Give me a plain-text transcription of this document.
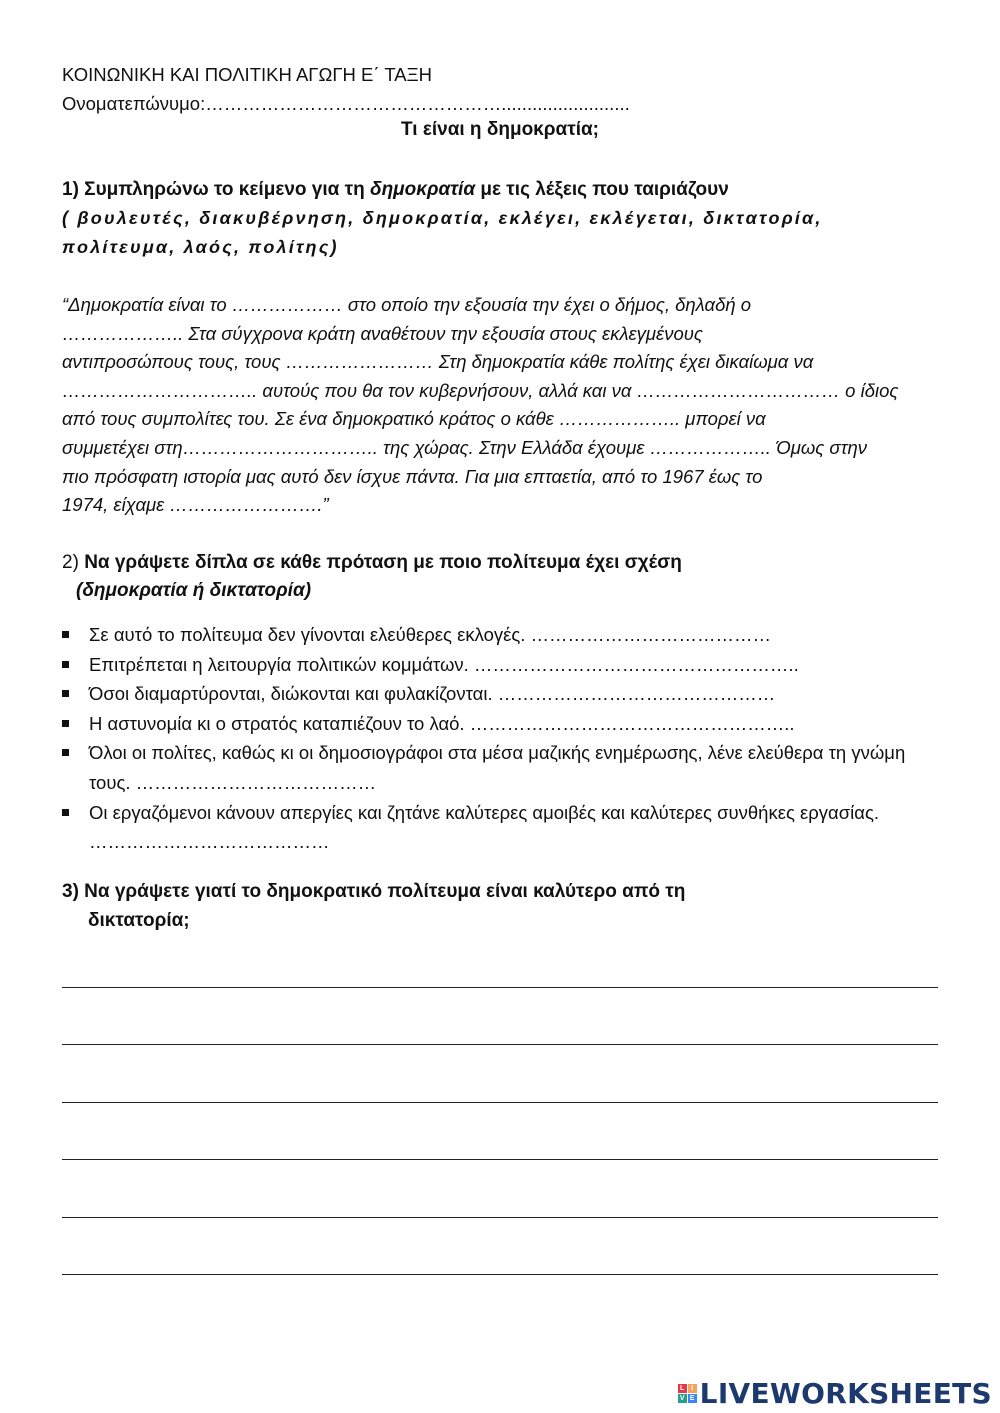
ΚΟΙΝΩΝΙΚΗ ΚΑΙ ΠΟΛΙΤΙΚΗ ΑΓΩΓΗ Ε΄ ΤΑΞΗ
Ονοματεπώνυμο:………………………………………….........................
Τι είναι η δημοκρατία;
1) Συμπληρώνω το κείμενο για τη δημοκρατία με τις λέξεις που ταιριάζουν
( βουλευτές, διακυβέρνηση, δημοκρατία, εκλέγει, εκλέγεται, δικτατορία,
πολίτευμα, λαός, πολίτης)
“Δημοκρατία είναι το ……………… στο οποίο την εξουσία την έχει ο δήμος, δηλαδή ο
……………….. Στα σύγχρονα κράτη αναθέτουν την εξουσία στους εκλεγμένους
αντιπροσώπους τους, τους …………………… Στη δημοκρατία κάθε πολίτης έχει δικαίωμα να
………………………….. αυτούς που θα τον κυβερνήσουν, αλλά και να …………………………… ο ίδιος
από τους συμπολίτες του. Σε ένα δημοκρατικό κράτος ο κάθε ……………….. μπορεί να
συμμετέχει στη………………………….. της χώρας. Στην Ελλάδα έχουμε ……………….. Όμως στην
πιο πρόσφατη ιστορία μας αυτό δεν ίσχυε πάντα. Για μια επταετία, από το 1967 έως το
1974, είχαμε …………………….”
2) Να γράψετε δίπλα σε κάθε πρόταση με ποιο πολίτευμα έχει σχέση
(δημοκρατία ή δικτατορία)
Σε αυτό το πολίτευμα δεν γίνονται ελεύθερες εκλογές. …………………………………
Επιτρέπεται η λειτουργία πολιτικών κομμάτων. ……………………………………………..
Όσοι διαμαρτύρονται, διώκονται και φυλακίζονται. ………………………………………
Η αστυνομία κι ο στρατός καταπιέζουν το λαό. ……………………………………………..
Όλοι οι πολίτες, καθώς κι οι δημοσιογράφοι στα μέσα μαζικής ενημέρωσης, λένε ελεύθερα τη γνώμη τους. …………………………………
Οι εργαζόμενοι κάνουν απεργίες και ζητάνε καλύτερες αμοιβές και καλύτερες συνθήκες εργασίας. …………………………………
3) Να γράψετε γιατί το δημοκρατικό πολίτευμα είναι καλύτερο από τη
δικτατορία;
L I
V E LIVEWORKSHEETS
